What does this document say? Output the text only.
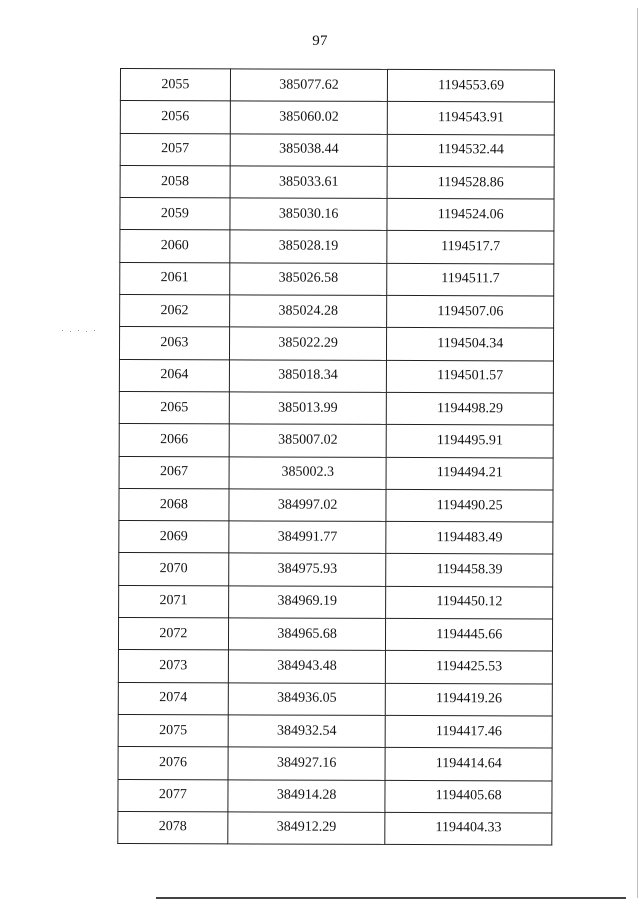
97
2055	385077.62	1194553.69
2056	385060.02	1194543.91
2057	385038.44	1194532.44
2058	385033.61	1194528.86
2059	385030.16	1194524.06
2060	385028.19	1194517.7
2061	385026.58	1194511.7
2062	385024.28	1194507.06
2063	385022.29	1194504.34
2064	385018.34	1194501.57
2065	385013.99	1194498.29
2066	385007.02	1194495.91
2067	385002.3	1194494.21
2068	384997.02	1194490.25
2069	384991.77	1194483.49
2070	384975.93	1194458.39
2071	384969.19	1194450.12
2072	384965.68	1194445.66
2073	384943.48	1194425.53
2074	384936.05	1194419.26
2075	384932.54	1194417.46
2076	384927.16	1194414.64
2077	384914.28	1194405.68
2078	384912.29	1194404.33
